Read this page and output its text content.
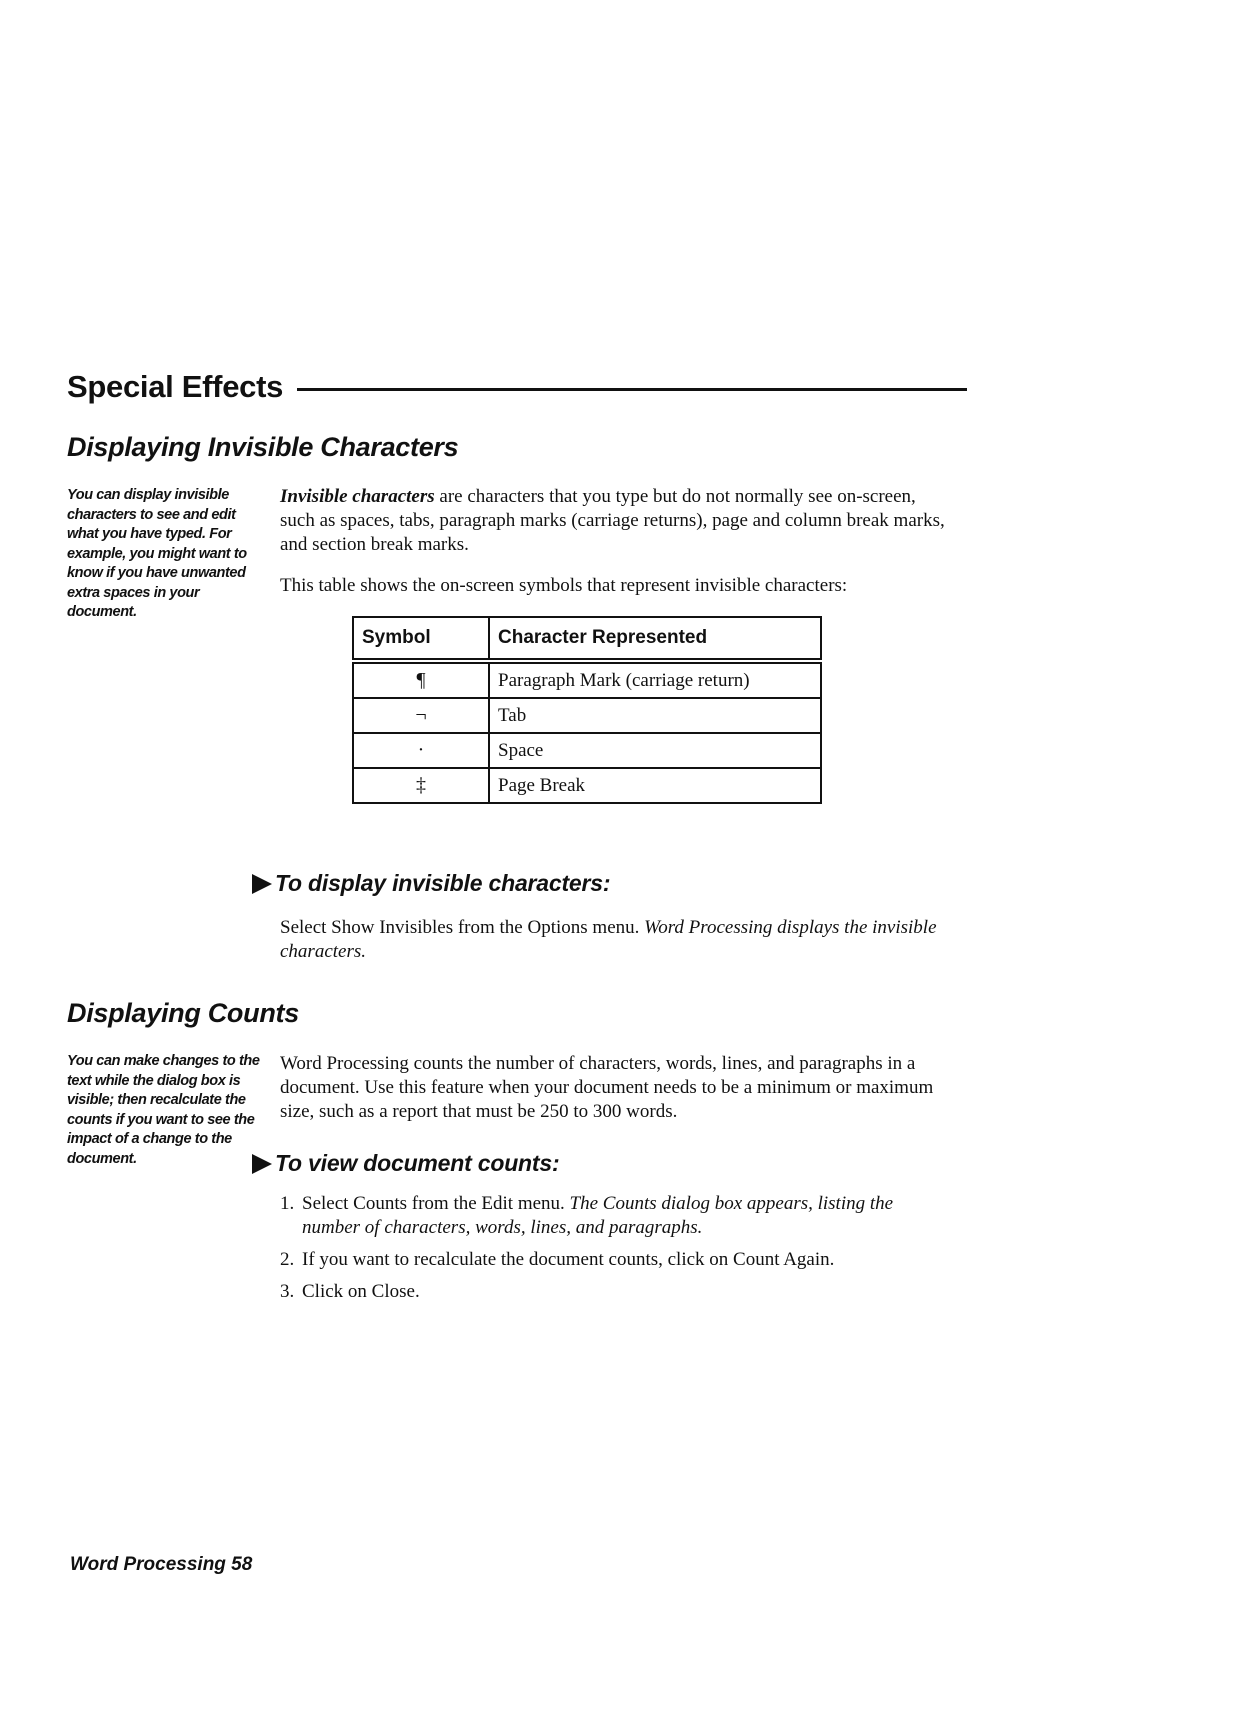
Special Effects
Displaying Invisible Characters
You can display invisible characters to see and edit what you have typed. For example, you might want to know if you have unwanted extra spaces in your document.
Invisible characters are characters that you type but do not normally see on-screen, such as spaces, tabs, paragraph marks (carriage returns), page and column break marks, and section break marks.
This table shows the on-screen symbols that represent invisible characters:
Symbol	Character Represented
¶	Paragraph Mark (carriage return)
¬	Tab
·	Space
‡	Page Break
To display invisible characters:
Select Show Invisibles from the Options menu. Word Processing displays the invisible characters.
Displaying Counts
You can make changes to the text while the dialog box is visible; then recalculate the counts if you want to see the impact of a change to the document.
Word Processing counts the number of characters, words, lines, and paragraphs in a document. Use this feature when your document needs to be a minimum or maximum size, such as a report that must be 250 to 300 words.
To view document counts:
1. Select Counts from the Edit menu. The Counts dialog box appears, listing the number of characters, words, lines, and paragraphs.
2. If you want to recalculate the document counts, click on Count Again.
3. Click on Close.
Word Processing 58
